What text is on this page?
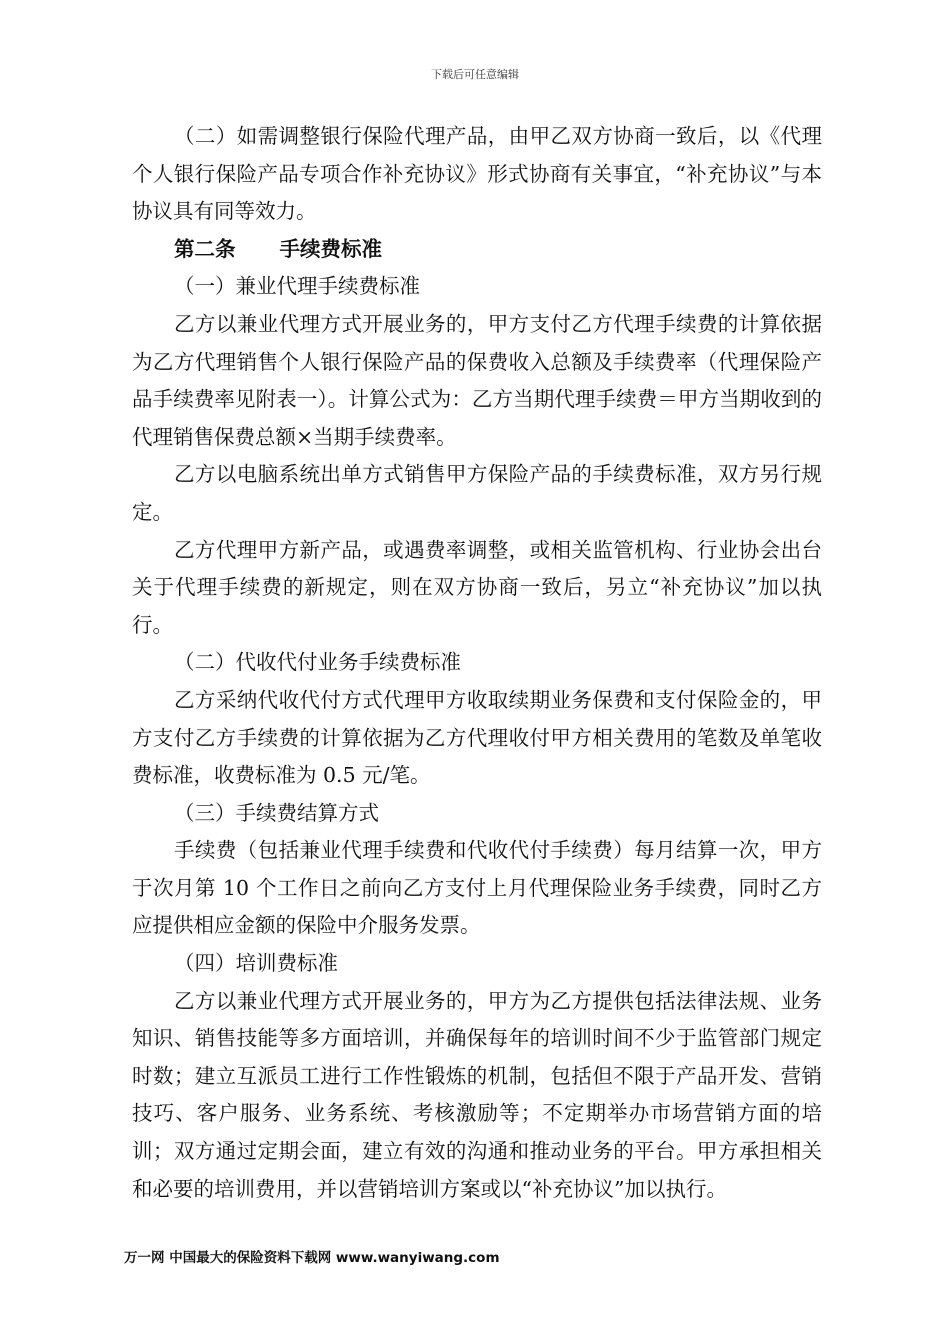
下载后可任意编辑

（二）如需调整银行保险代理产品，由甲乙双方协商一致后，以《代理个人银行保险产品专项合作补充协议》形式协商有关事宜，“补充协议”与本协议具有同等效力。

第二条 手续费标准

（一）兼业代理手续费标准

乙方以兼业代理方式开展业务的，甲方支付乙方代理手续费的计算依据为乙方代理销售个人银行保险产品的保费收入总额及手续费率（代理保险产品手续费率见附表一）。计算公式为：乙方当期代理手续费＝甲方当期收到的代理销售保费总额×当期手续费率。

乙方以电脑系统出单方式销售甲方保险产品的手续费标准，双方另行规定。

乙方代理甲方新产品，或遇费率调整，或相关监管机构、行业协会出台关于代理手续费的新规定，则在双方协商一致后，另立“补充协议”加以执行。

（二）代收代付业务手续费标准

乙方采纳代收代付方式代理甲方收取续期业务保费和支付保险金的，甲方支付乙方手续费的计算依据为乙方代理收付甲方相关费用的笔数及单笔收费标准，收费标准为 0.5 元/笔。

（三）手续费结算方式

手续费（包括兼业代理手续费和代收代付手续费）每月结算一次，甲方于次月第 10 个工作日之前向乙方支付上月代理保险业务手续费，同时乙方应提供相应金额的保险中介服务发票。

（四）培训费标准

乙方以兼业代理方式开展业务的，甲方为乙方提供包括法律法规、业务知识、销售技能等多方面培训，并确保每年的培训时间不少于监管部门规定时数；建立互派员工进行工作性锻炼的机制，包括但不限于产品开发、营销技巧、客户服务、业务系统、考核激励等；不定期举办市场营销方面的培训；双方通过定期会面，建立有效的沟通和推动业务的平台。甲方承担相关和必要的培训费用，并以营销培训方案或以“补充协议”加以执行。

万一网 中国最大的保险资料下载网 www.wanyiwang.com
